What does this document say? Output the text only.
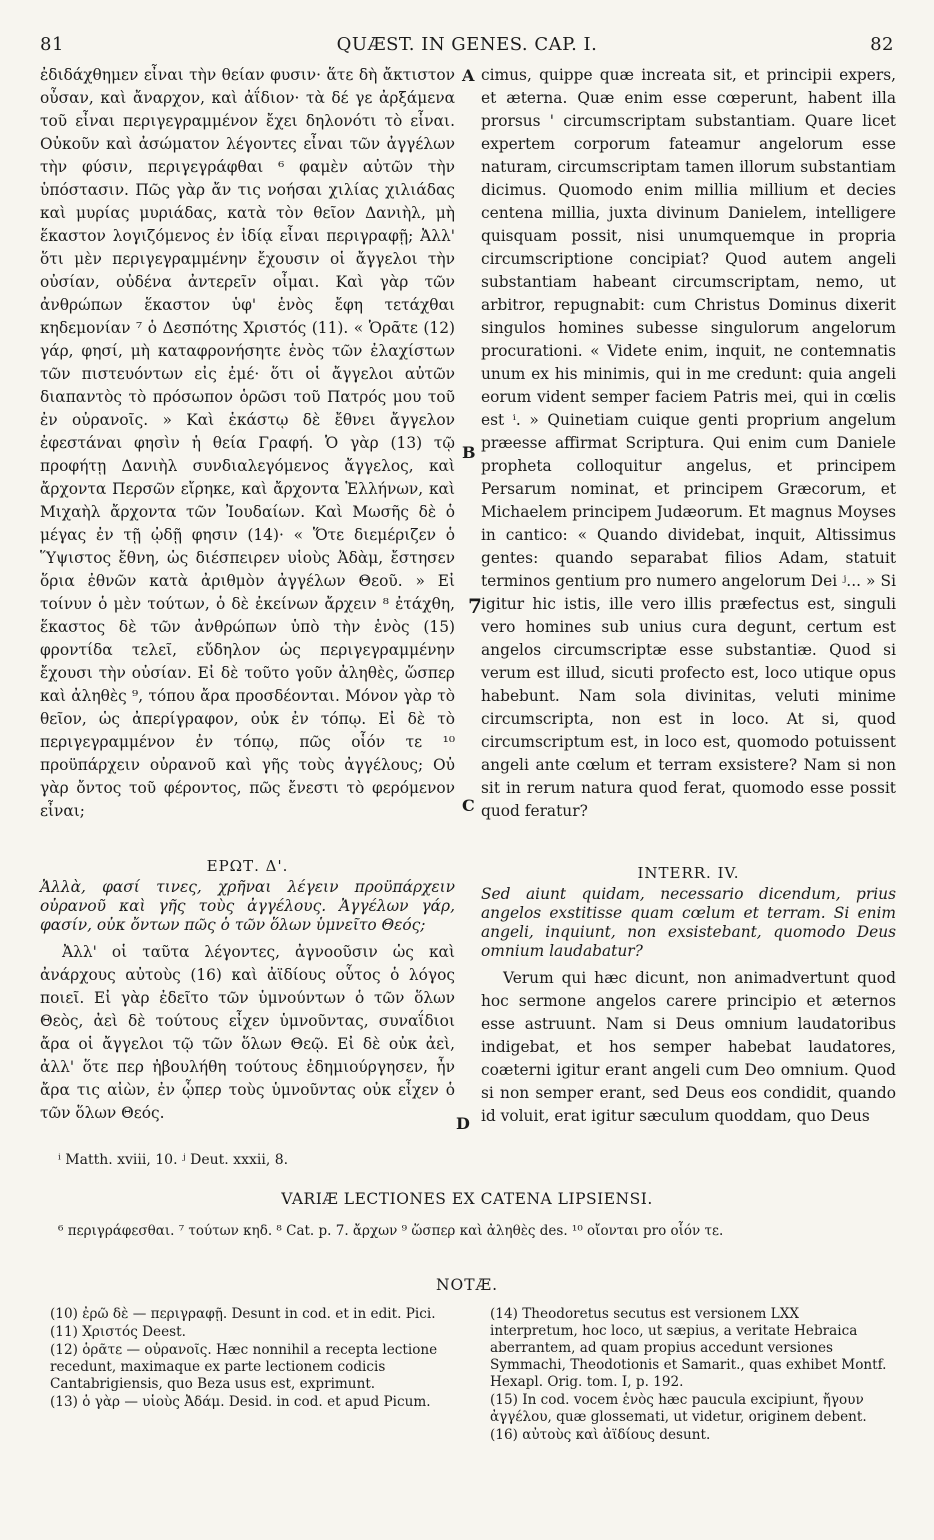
81	QUÆST. IN GENES. CAP. I.	82

ἐδιδάχθημεν εἶναι τὴν θείαν φυσιν· ἅτε δὴ ἄκτιστον οὖσαν, καὶ ἄναρχον, καὶ ἀΐδιον· τὰ δέ γε ἀρξάμενα τοῦ εἶναι περιγεγραμμένον ἔχει δηλονότι τὸ εἶναι. Οὐκοῦν καὶ ἀσώματον λέγοντες εἶναι τῶν ἀγγέλων τὴν φύσιν, περιγεγράφθαι ⁶ φαμὲν αὐτῶν τὴν ὑπόστασιν. Πῶς γὰρ ἄν τις νοήσαι χιλίας χιλιάδας καὶ μυρίας μυριάδας, κατὰ τὸν θεῖον Δανιὴλ, μὴ ἕκαστον λογιζόμενος ἐν ἰδίᾳ εἶναι περιγραφῇ; Ἀλλ' ὅτι μὲν περιγεγραμμένην ἔχουσιν οἱ ἄγγελοι τὴν οὐσίαν, οὐδένα ἀντερεῖν οἶμαι. Καὶ γὰρ τῶν ἀνθρώπων ἕκαστον ὑφ' ἑνὸς ἔφη τετάχθαι κηδεμονίαν ⁷ ὁ Δεσπότης Χριστός (11). « Ὁρᾶτε (12) γάρ, φησί, μὴ καταφρονήσητε ἑνὸς τῶν ἐλαχίστων τῶν πιστευόντων εἰς ἐμέ· ὅτι οἱ ἄγγελοι αὐτῶν διαπαντὸς τὸ πρόσωπον ὁρῶσι τοῦ Πατρός μου τοῦ ἐν οὐρανοῖς. » Καὶ ἑκάστῳ δὲ ἔθνει ἄγγελον ἐφεστάναι φησὶν ἡ θεία Γραφή. Ὁ γὰρ (13) τῷ προφήτῃ Δανιὴλ συνδιαλεγόμενος ἄγγελος, καὶ ἄρχοντα Περσῶν εἴρηκε, καὶ ἄρχοντα Ἑλλήνων, καὶ Μιχαὴλ ἄρχοντα τῶν Ἰουδαίων. Καὶ Μωσῆς δὲ ὁ μέγας ἐν τῇ ᾠδῇ φησιν (14)· « Ὅτε διεμέριζεν ὁ Ὕψιστος ἔθνη, ὡς διέσπειρεν υἱοὺς Ἀδὰμ, ἔστησεν ὅρια ἐθνῶν κατὰ ἀριθμὸν ἀγγέλων Θεοῦ. » Εἰ τοίνυν ὁ μὲν τούτων, ὁ δὲ ἐκείνων ἄρχειν ⁸ ἐτάχθη, ἕκαστος δὲ τῶν ἀνθρώπων ὑπὸ τὴν ἑνὸς (15) φροντίδα τελεῖ, εὔδηλον ὡς περιγεγραμμένην ἔχουσι τὴν οὐσίαν. Εἰ δὲ τοῦτο γοῦν ἀληθὲς, ὥσπερ καὶ ἀληθὲς ⁹, τόπου ἄρα προσδέονται. Μόνον γὰρ τὸ θεῖον, ὡς ἀπερίγραφον, οὐκ ἐν τόπῳ. Εἰ δὲ τὸ περιγεγραμμένον ἐν τόπῳ, πῶς οἷόν τε ¹⁰ προϋπάρχειν οὐρανοῦ καὶ γῆς τοὺς ἀγγέλους; Οὐ γὰρ ὄντος τοῦ φέροντος, πῶς ἔνεστι τὸ φερόμενον εἶναι;

cimus, quippe quæ increata sit, et principii expers, et æterna. Quæ enim esse cœperunt, habent illa prorsus ' circumscriptam substantiam. Quare licet expertem corporum fateamur angelorum esse naturam, circumscriptam tamen illorum substantiam dicimus. Quomodo enim millia millium et decies centena millia, juxta divinum Danielem, intelligere quisquam possit, nisi unumquemque in propria circumscriptione concipiat? Quod autem angeli substantiam habeant circumscriptam, nemo, ut arbitror, repugnabit: cum Christus Dominus dixerit singulos homines subesse singulorum angelorum procurationi. « Videte enim, inquit, ne contemnatis unum ex his minimis, qui in me credunt: quia angeli eorum vident semper faciem Patris mei, qui in cœlis est ⁱ. » Quinetiam cuique genti proprium angelum præesse affirmat Scriptura. Qui enim cum Daniele propheta colloquitur angelus, et principem Persarum nominat, et principem Græcorum, et Michaelem principem Judæorum. Et magnus Moyses in cantico: « Quando dividebat, inquit, Altissimus gentes: quando separabat filios Adam, statuit terminos gentium pro numero angelorum Dei ʲ... » Si igitur hic istis, ille vero illis præfectus est, singuli vero homines sub unius cura degunt, certum est angelos circumscriptæ esse substantiæ. Quod si verum est illud, sicuti profecto est, loco utique opus habebunt. Nam sola divinitas, veluti minime circumscripta, non est in loco. At si, quod circumscriptum est, in loco est, quomodo potuissent angeli ante cœlum et terram exsistere? Nam si non sit in rerum natura quod ferat, quomodo esse possit quod feratur?

A
B
C
D
7

ΕΡΩΤ. Δ'.

Ἀλλὰ, φασί τινες, χρῆναι λέγειν προϋπάρχειν οὐρανοῦ καὶ γῆς τοὺς ἀγγέλους. Ἀγγέλων γάρ, φασίν, οὐκ ὄντων πῶς ὁ τῶν ὅλων ὑμνεῖτο Θεός;

Ἀλλ' οἱ ταῦτα λέγοντες, ἀγνοοῦσιν ὡς καὶ ἀνάρχους αὐτοὺς (16) καὶ ἀϊδίους οὗτος ὁ λόγος ποιεῖ. Εἰ γὰρ ἐδεῖτο τῶν ὑμνούντων ὁ τῶν ὅλων Θεὸς, ἀεὶ δὲ τούτους εἶχεν ὑμνοῦντας, συναΐδιοι ἄρα οἱ ἄγγελοι τῷ τῶν ὅλων Θεῷ. Εἰ δὲ οὐκ ἀεὶ, ἀλλ' ὅτε περ ἠβουλήθη τούτους ἐδημιούργησεν, ἦν ἄρα τις αἰὼν, ἐν ᾧπερ τοὺς ὑμνοῦντας οὐκ εἶχεν ὁ τῶν ὅλων Θεός.

INTERR. IV.

Sed aiunt quidam, necessario dicendum, prius angelos exstitisse quam cœlum et terram. Si enim angeli, inquiunt, non exsistebant, quomodo Deus omnium laudabatur?

Verum qui hæc dicunt, non animadvertunt quod hoc sermone angelos carere principio et æternos esse astruunt. Nam si Deus omnium laudatoribus indigebat, et hos semper habebat laudatores, coæterni igitur erant angeli cum Deo omnium. Quod si non semper erant, sed Deus eos condidit, quando id voluit, erat igitur sæculum quoddam, quo Deus

ⁱ Matth. xviii, 10. ʲ Deut. xxxii, 8.
VARIÆ LECTIONES EX CATENA LIPSIENSI.
⁶ περιγράφεσθαι. ⁷ τούτων κηδ. ⁸ Cat. p. 7. ἄρχων ⁹ ὥσπερ καὶ ἀληθὲς des. ¹⁰ οἴονται pro οἷόν τε.
NOTÆ.

(10) ἐρῶ δὲ — περιγραφῇ. Desunt in cod. et in edit. Pici.

(11) Χριστός Deest.

(12) ὁρᾶτε — οὐρανοῖς. Hæc nonnihil a recepta lectione recedunt, maximaque ex parte lectionem codicis Cantabrigiensis, quo Beza usus est, exprimunt.

(13) ὁ γὰρ — υἱοὺς Ἀδάμ. Desid. in cod. et apud Picum.

(14) Theodoretus secutus est versionem LXX interpretum, hoc loco, ut sæpius, a veritate Hebraica aberrantem, ad quam propius accedunt versiones Symmachi, Theodotionis et Samarit., quas exhibet Montf. Hexapl. Orig. tom. I, p. 192.

(15) In cod. vocem ἑνὸς hæc paucula excipiunt, ἤγουν ἀγγέλου, quæ glossemati, ut videtur, originem debent.

(16) αὐτοὺς καὶ ἀϊδίους desunt.
